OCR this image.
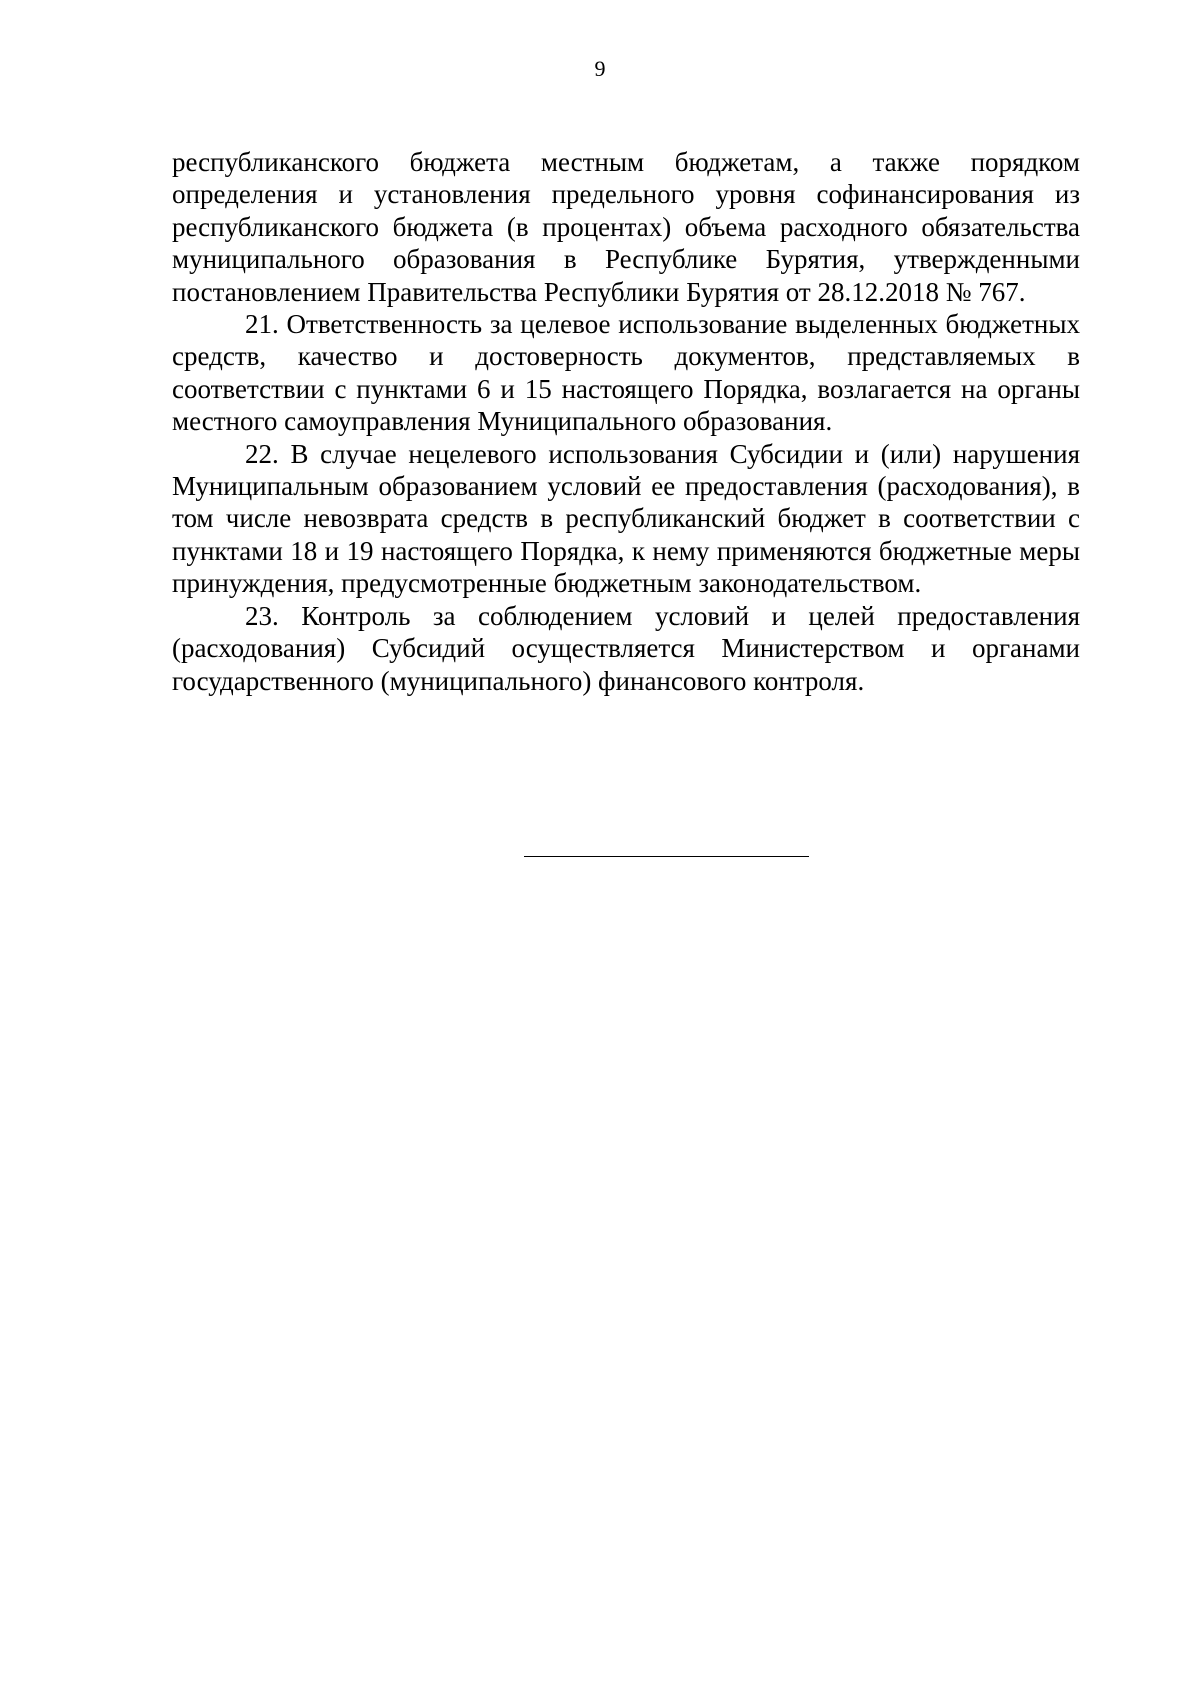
9

республиканского бюджета местным бюджетам, а также порядком определения и установления предельного уровня софинансирования из республиканского бюджета (в процентах) объема расходного обязательства муниципального образования в Республике Бурятия, утвержденными постановлением Правительства Республики Бурятия от 28.12.2018 № 767.

21. Ответственность за целевое использование выделенных бюджетных средств, качество и достоверность документов, представляемых в соответствии с пунктами 6 и 15 настоящего Порядка, возлагается на органы местного самоуправления Муниципального образования.

22. В случае нецелевого использования Субсидии и (или) нарушения Муниципальным образованием условий ее предоставления (расходования), в том числе невозврата средств в республиканский бюджет в соответствии с пунктами 18 и 19 настоящего Порядка, к нему применяются бюджетные меры принуждения, предусмотренные бюджетным законодательством.

23. Контроль за соблюдением условий и целей предоставления (расходования) Субсидий осуществляется Министерством и органами государственного (муниципального) финансового контроля.
